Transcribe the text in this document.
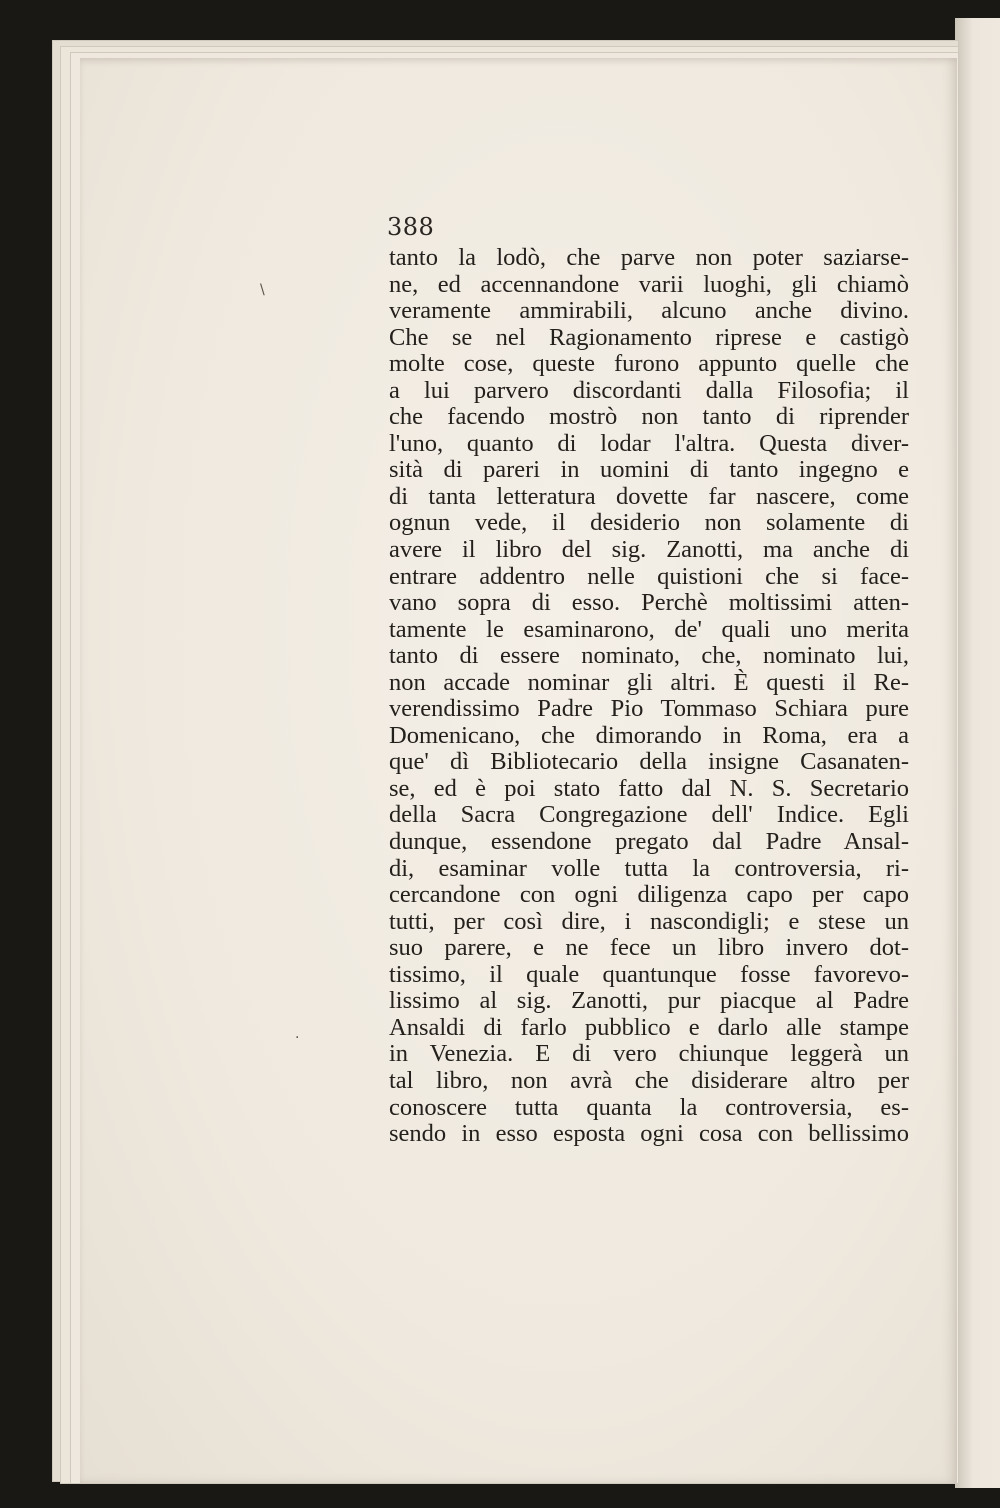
388
tanto la lodò, che parve non poter saziarse-
ne, ed accennandone varii luoghi, gli chiamò
veramente ammirabili, alcuno anche divino.
Che se nel Ragionamento riprese e castigò
molte cose, queste furono appunto quelle che
a lui parvero discordanti dalla Filosofia; il
che facendo mostrò non tanto di riprender
l'uno, quanto di lodar l'altra. Questa diver-
sità di pareri in uomini di tanto ingegno e
di tanta letteratura dovette far nascere, come
ognun vede, il desiderio non solamente di
avere il libro del sig. Zanotti, ma anche di
entrare addentro nelle quistioni che si face-
vano sopra di esso. Perchè moltissimi atten-
tamente le esaminarono, de' quali uno merita
tanto di essere nominato, che, nominato lui,
non accade nominar gli altri. È questi il Re-
verendissimo Padre Pio Tommaso Schiara pure
Domenicano, che dimorando in Roma, era a
que' dì Bibliotecario della insigne Casanaten-
se, ed è poi stato fatto dal N. S. Secretario
della Sacra Congregazione dell' Indice. Egli
dunque, essendone pregato dal Padre Ansal-
di, esaminar volle tutta la controversia, ri-
cercandone con ogni diligenza capo per capo
tutti, per così dire, i nascondigli; e stese un
suo parere, e ne fece un libro invero dot-
tissimo, il quale quantunque fosse favorevo-
lissimo al sig. Zanotti, pur piacque al Padre
Ansaldi di farlo pubblico e darlo alle stampe
in Venezia. E di vero chiunque leggerà un
tal libro, non avrà che disiderare altro per
conoscere tutta quanta la controversia, es-
sendo in esso esposta ogni cosa con bellissimo
\
·
